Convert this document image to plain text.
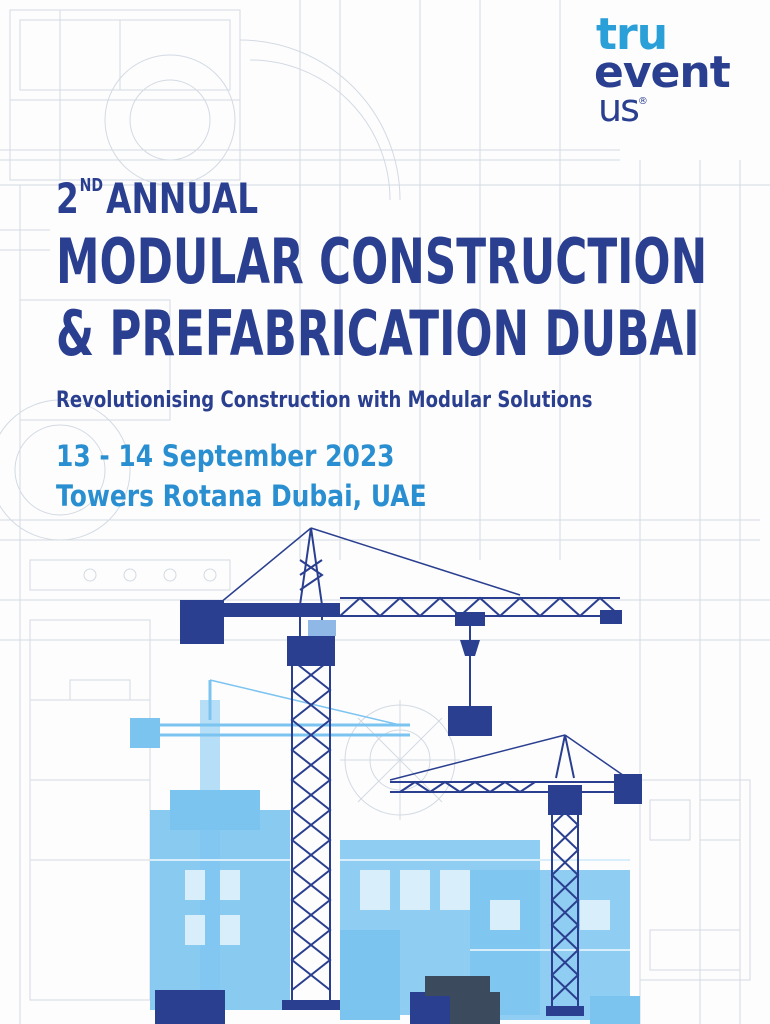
tru
event
us®
2 ND ANNUAL
MODULAR CONSTRUCTION
& PREFABRICATION DUBAI
Revolutionising Construction with Modular Solutions
13 - 14 September 2023
Towers Rotana Dubai, UAE
